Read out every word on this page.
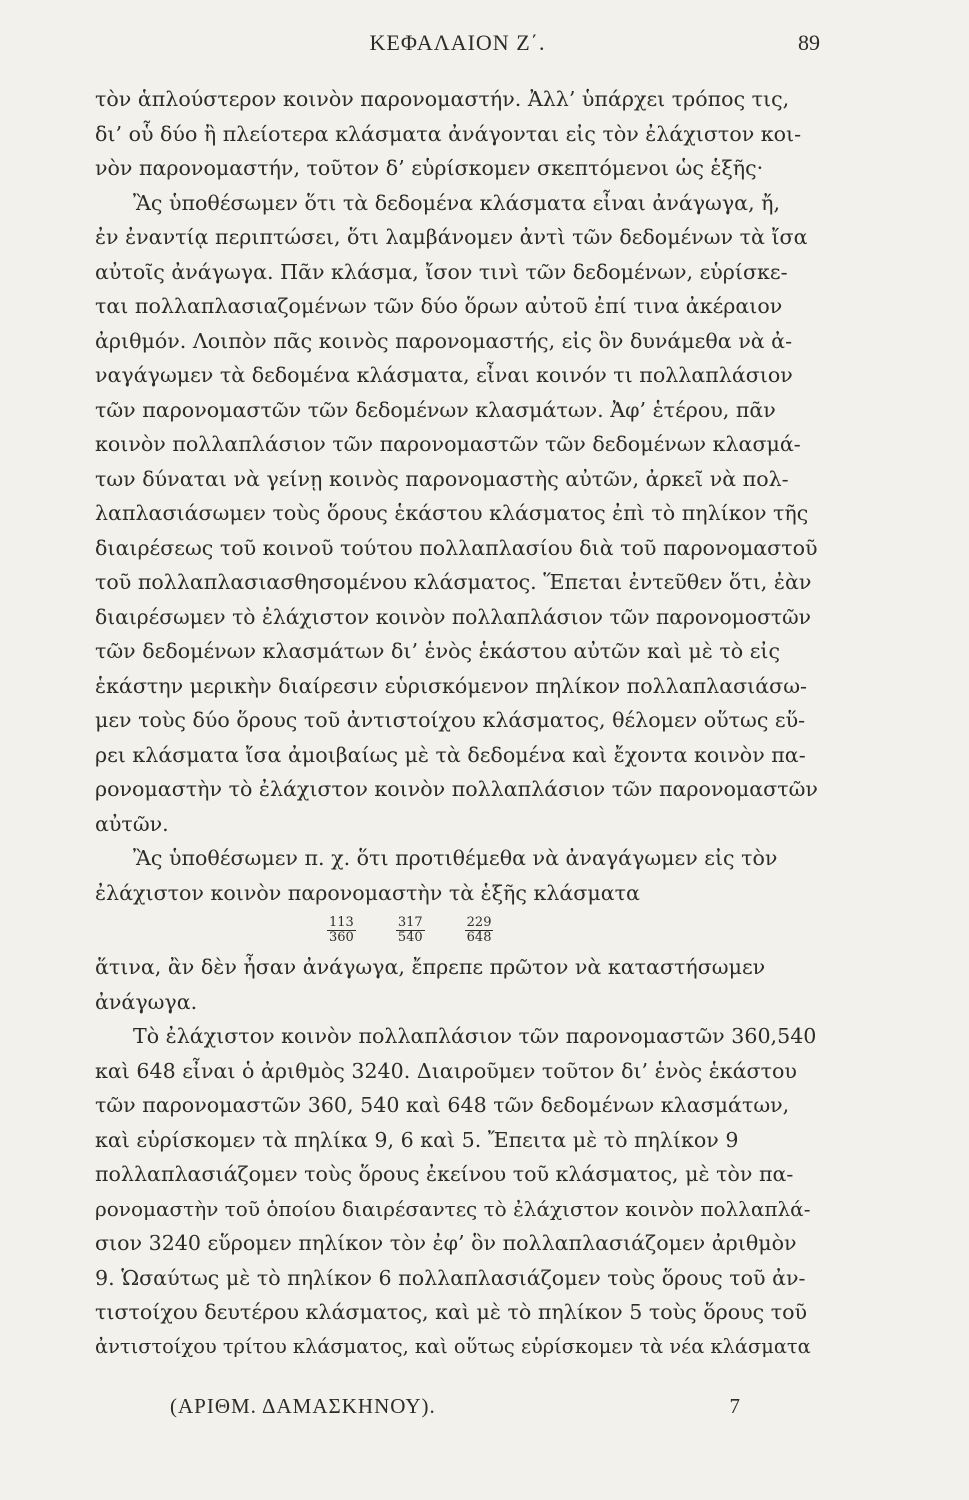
ΚΕΦΑΛΑΙΟΝ Ζ΄.	89
τὸν ἁπλούστερον κοινὸν παρονομαστήν. Ἀλλ’ ὑπάρχει τρόπος τις,
δι’ οὗ δύο ἢ πλείοτερα κλάσματα ἀνάγονται εἰς τὸν ἐλάχιστον κοι-
νὸν παρονομαστήν, τοῦτον δ’ εὑρίσκομεν σκεπτόμενοι ὡς ἑξῆς·
Ἂς ὑποθέσωμεν ὅτι τὰ δεδομένα κλάσματα εἶναι ἀνάγωγα, ἤ,
ἐν ἐναντίᾳ περιπτώσει, ὅτι λαμβάνομεν ἀντὶ τῶν δεδομένων τὰ ἴσα
αὐτοῖς ἀνάγωγα. Πᾶν κλάσμα, ἴσον τινὶ τῶν δεδομένων, εὑρίσκε-
ται πολλαπλασιαζομένων τῶν δύο ὅρων αὐτοῦ ἐπί τινα ἀκέραιον
ἀριθμόν. Λοιπὸν πᾶς κοινὸς παρονομαστής, εἰς ὃν δυνάμεθα νὰ ἀ-
ναγάγωμεν τὰ δεδομένα κλάσματα, εἶναι κοινόν τι πολλαπλάσιον
τῶν παρονομαστῶν τῶν δεδομένων κλασμάτων. Ἀφ’ ἑτέρου, πᾶν
κοινὸν πολλαπλάσιον τῶν παρονομαστῶν τῶν δεδομένων κλασμά-
των δύναται νὰ γείνῃ κοινὸς παρονομαστὴς αὐτῶν, ἀρκεῖ νὰ πολ-
λαπλασιάσωμεν τοὺς ὅρους ἑκάστου κλάσματος ἐπὶ τὸ πηλίκον τῆς
διαιρέσεως τοῦ κοινοῦ τούτου πολλαπλασίου διὰ τοῦ παρονομαστοῦ
τοῦ πολλαπλασιασθησομένου κλάσματος. Ἕπεται ἐντεῦθεν ὅτι, ἐὰν
διαιρέσωμεν τὸ ἐλάχιστον κοινὸν πολλαπλάσιον τῶν παρονομοστῶν
τῶν δεδομένων κλασμάτων δι’ ἑνὸς ἑκάστου αὐτῶν καὶ μὲ τὸ εἰς
ἑκάστην μερικὴν διαίρεσιν εὑρισκόμενον πηλίκον πολλαπλασιάσω-
μεν τοὺς δύο ὅρους τοῦ ἀντιστοίχου κλάσματος, θέλομεν οὕτως εὕ-
ρει κλάσματα ἴσα ἀμοιβαίως μὲ τὰ δεδομένα καὶ ἔχοντα κοινὸν πα-
ρονομαστὴν τὸ ἐλάχιστον κοινὸν πολλαπλάσιον τῶν παρονομαστῶν
αὐτῶν.
Ἂς ὑποθέσωμεν π. χ. ὅτι προτιθέμεθα νὰ ἀναγάγωμεν εἰς τὸν
ἐλάχιστον κοινὸν παρονομαστὴν τὰ ἑξῆς κλάσματα
$\frac{113}{360}$	$\frac{317}{540}$	$\frac{229}{648}$
ἅτινα, ἂν δὲν ἦσαν ἀνάγωγα, ἔπρεπε πρῶτον νὰ καταστήσωμεν
ἀνάγωγα.
Τὸ ἐλάχιστον κοινὸν πολλαπλάσιον τῶν παρονομαστῶν 360,540
καὶ 648 εἶναι ὁ ἀριθμὸς 3240. Διαιροῦμεν τοῦτον δι’ ἑνὸς ἑκάστου
τῶν παρονομαστῶν 360, 540 καὶ 648 τῶν δεδομένων κλασμάτων,
καὶ εὑρίσκομεν τὰ πηλίκα 9, 6 καὶ 5. Ἔπειτα μὲ τὸ πηλίκον 9
πολλαπλασιάζομεν τοὺς ὅρους ἐκείνου τοῦ κλάσματος, μὲ τὸν πα-
ρονομαστὴν τοῦ ὁποίου διαιρέσαντες τὸ ἐλάχιστον κοινὸν πολλαπλά-
σιον 3240 εὕρομεν πηλίκον τὸν ἐφ’ ὃν πολλαπλασιάζομεν ἀριθμὸν
9. Ὡσαύτως μὲ τὸ πηλίκον 6 πολλαπλασιάζομεν τοὺς ὅρους τοῦ ἀν-
τιστοίχου δευτέρου κλάσματος, καὶ μὲ τὸ πηλίκον 5 τοὺς ὅρους τοῦ
ἀντιστοίχου τρίτου κλάσματος, καὶ οὕτως εὑρίσκομεν τὰ νέα κλάσματα
(ΑΡΙΘΜ. ΔΑΜΑΣΚΗΝΟΥ).	7
